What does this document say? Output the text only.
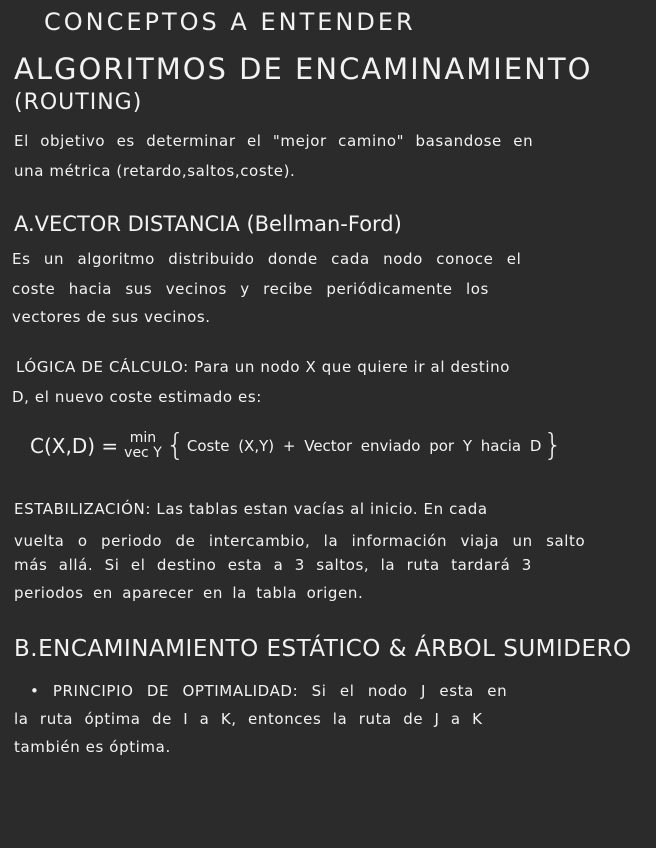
CONCEPTOS A ENTENDER
ALGORITMOS DE ENCAMINAMIENTO
(ROUTING)
El objetivo es determinar el "mejor camino" basandose en
una métrica (retardo,saltos,coste).
A.VECTOR DISTANCIA (Bellman-Ford)
Es un algoritmo distribuido donde cada nodo conoce el
coste hacia sus vecinos y recibe periódicamente los
vectores de sus vecinos.
LÓGICA DE CÁLCULO: Para un nodo X que quiere ir al destino
D, el nuevo coste estimado es:
C(X,D) = min
vec Y { Coste (X,Y) + Vector enviado por Y hacia D }
ESTABILIZACIÓN: Las tablas estan vacías al inicio. En cada
vuelta o periodo de intercambio, la información viaja un salto
más allá. Si el destino esta a 3 saltos, la ruta tardará 3
periodos en aparecer en la tabla origen.
B.ENCAMINAMIENTO ESTÁTICO & ÁRBOL SUMIDERO
• PRINCIPIO DE OPTIMALIDAD: Si el nodo J esta en
la ruta óptima de I a K, entonces la ruta de J a K
también es óptima.
